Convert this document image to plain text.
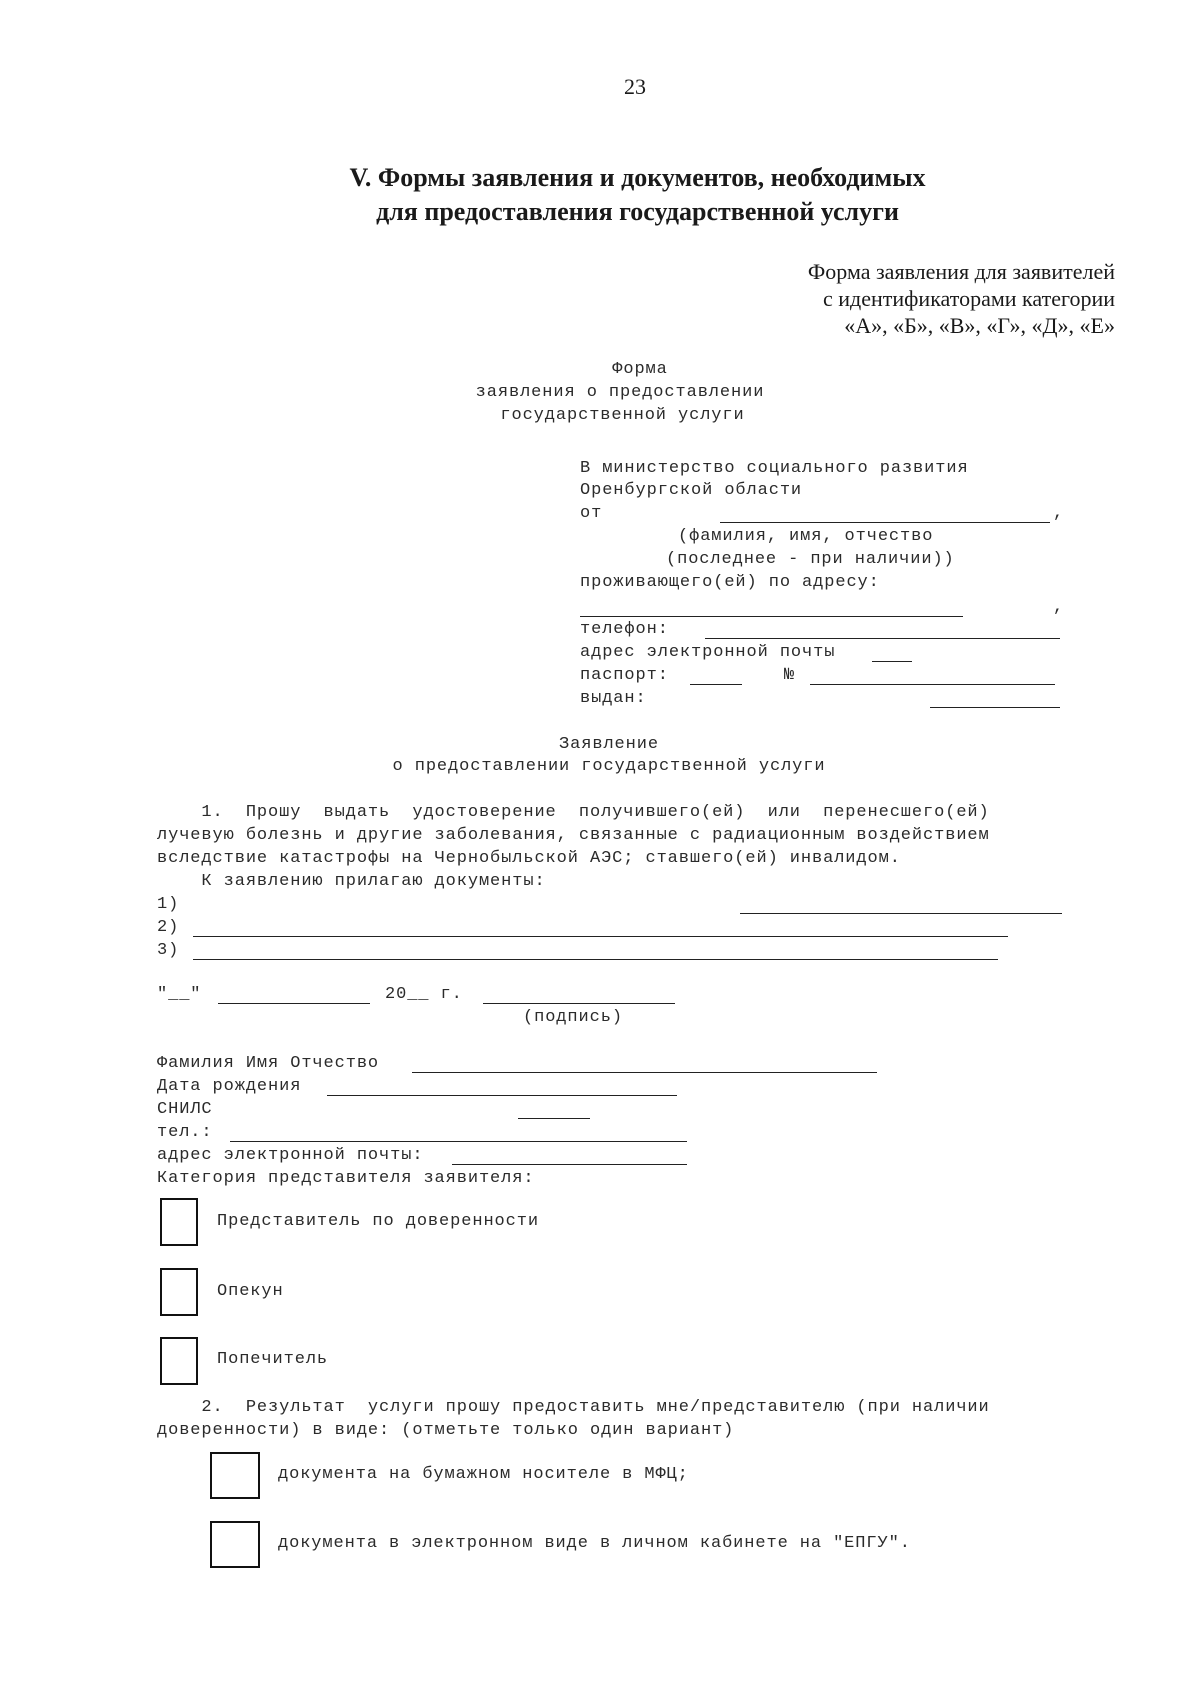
23
V. Формы заявления и документов, необходимых
для предоставления государственной услуги
Форма заявления для заявителей
с идентификаторами категории
«А», «Б», «В», «Г», «Д», «Е»
Форма
заявления о предоставлении
государственной услуги
В министерство социального развития
Оренбургской области
от	,
(фамилия, имя, отчество
(последнее - при наличии))
проживающего(ей) по адресу:
,
телефон:
адрес электронной почты
паспорт:	№
выдан:
Заявление
о предоставлении государственной услуги
1.  Прошу  выдать  удостоверение  получившего(ей)  или  перенесшего(ей)
лучевую болезнь и другие заболевания, связанные с радиационным воздействием
вследствие катастрофы на Чернобыльской АЭС; ставшего(ей) инвалидом.
К заявлению прилагаю документы:
1)
2)
3)
"__"	20__ г.
(подпись)
Фамилия Имя Отчество
Дата рождения
СНИЛС
тел.:
адрес электронной почты:
Категория представителя заявителя:
Представитель по доверенности
Опекун
Попечитель
2.  Результат  услуги прошу предоставить мне/представителю (при наличии
доверенности) в виде: (отметьте только один вариант)
документа на бумажном носителе в МФЦ;
документа в электронном виде в личном кабинете на "ЕПГУ".
